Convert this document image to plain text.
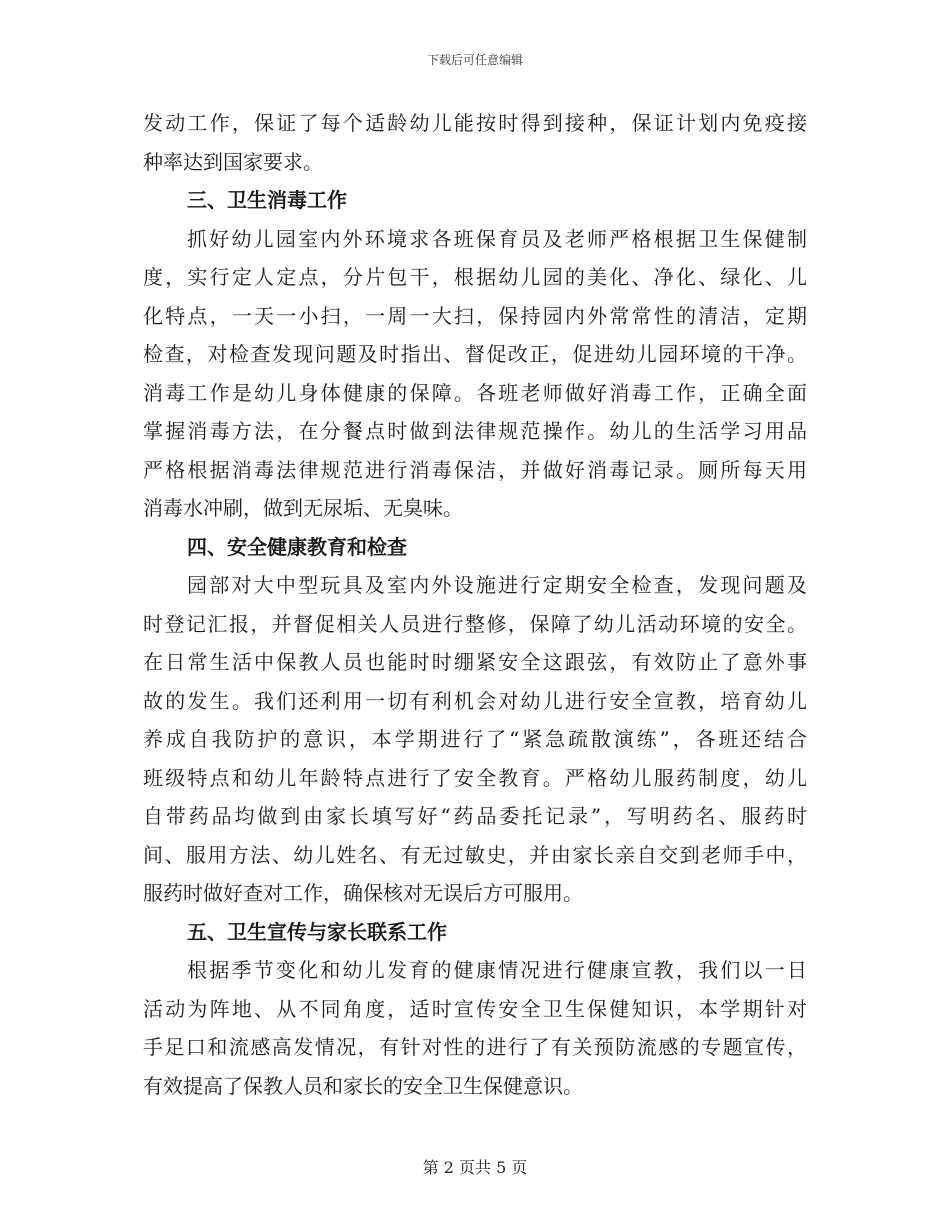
下载后可任意编辑
发动工作，保证了每个适龄幼儿能按时得到接种，保证计划内免疫接
种率达到国家要求。
三、卫生消毒工作
抓好幼儿园室内外环境求各班保育员及老师严格根据卫生保健制
度，实行定人定点，分片包干，根据幼儿园的美化、净化、绿化、儿
化特点，一天一小扫，一周一大扫，保持园内外常常性的清洁，定期
检查，对检查发现问题及时指出、督促改正，促进幼儿园环境的干净。
消毒工作是幼儿身体健康的保障。各班老师做好消毒工作，正确全面
掌握消毒方法，在分餐点时做到法律规范操作。幼儿的生活学习用品
严格根据消毒法律规范进行消毒保洁，并做好消毒记录。厕所每天用
消毒水冲刷，做到无尿垢、无臭味。
四、安全健康教育和检查
园部对大中型玩具及室内外设施进行定期安全检查，发现问题及
时登记汇报，并督促相关人员进行整修，保障了幼儿活动环境的安全。
在日常生活中保教人员也能时时绷紧安全这跟弦，有效防止了意外事
故的发生。我们还利用一切有利机会对幼儿进行安全宣教，培育幼儿
养成自我防护的意识，本学期进行了“紧急疏散演练”，各班还结合
班级特点和幼儿年龄特点进行了安全教育。严格幼儿服药制度，幼儿
自带药品均做到由家长填写好“药品委托记录”，写明药名、服药时
间、服用方法、幼儿姓名、有无过敏史，并由家长亲自交到老师手中，
服药时做好查对工作，确保核对无误后方可服用。
五、卫生宣传与家长联系工作
根据季节变化和幼儿发育的健康情况进行健康宣教，我们以一日
活动为阵地、从不同角度，适时宣传安全卫生保健知识，本学期针对
手足口和流感高发情况，有针对性的进行了有关预防流感的专题宣传，
有效提高了保教人员和家长的安全卫生保健意识。
第 2 页共 5 页
